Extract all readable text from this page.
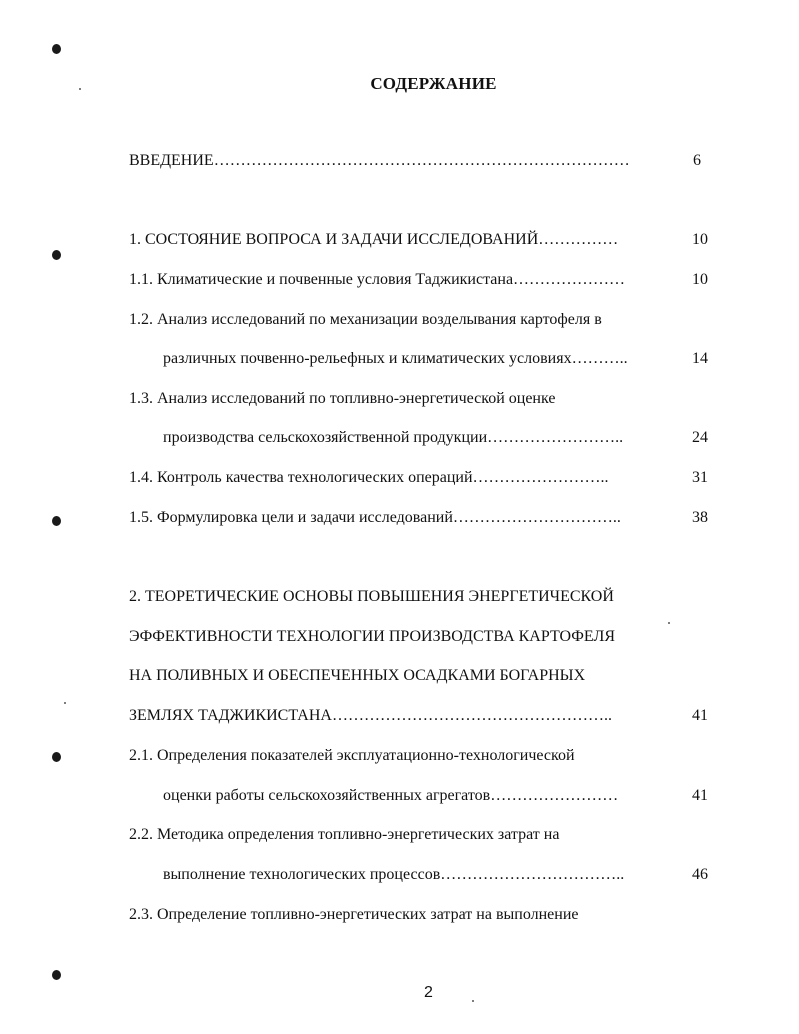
СОДЕРЖАНИЕ
ВВЕДЕНИЕ……………………………………………………………………	6
1. СОСТОЯНИЕ ВОПРОСА И ЗАДАЧИ ИССЛЕДОВАНИЙ……………	10
1.1. Климатические и почвенные условия Таджикистана…………………	10
1.2. Анализ исследований по механизации возделывания картофеля в
различных почвенно-рельефных и климатических условиях………..	14
1.3. Анализ исследований по топливно-энергетической оценке
производства сельскохозяйственной продукции……………………..	24
1.4. Контроль качества технологических операций……………………..	31
1.5. Формулировка цели и задачи исследований…………………………..	38
2. ТЕОРЕТИЧЕСКИЕ ОСНОВЫ ПОВЫШЕНИЯ ЭНЕРГЕТИЧЕСКОЙ
ЭФФЕКТИВНОСТИ ТЕХНОЛОГИИ ПРОИЗВОДСТВА КАРТОФЕЛЯ
НА ПОЛИВНЫХ И ОБЕСПЕЧЕННЫХ ОСАДКАМИ БОГАРНЫХ
ЗЕМЛЯХ ТАДЖИКИСТАНА……………………………………………..	41
2.1. Определения показателей эксплуатационно-технологической
оценки работы сельскохозяйственных агрегатов……………………	41
2.2. Методика определения топливно-энергетических затрат на
выполнение технологических процессов……………………………..	46
2.3. Определение топливно-энергетических затрат на выполнение
2
